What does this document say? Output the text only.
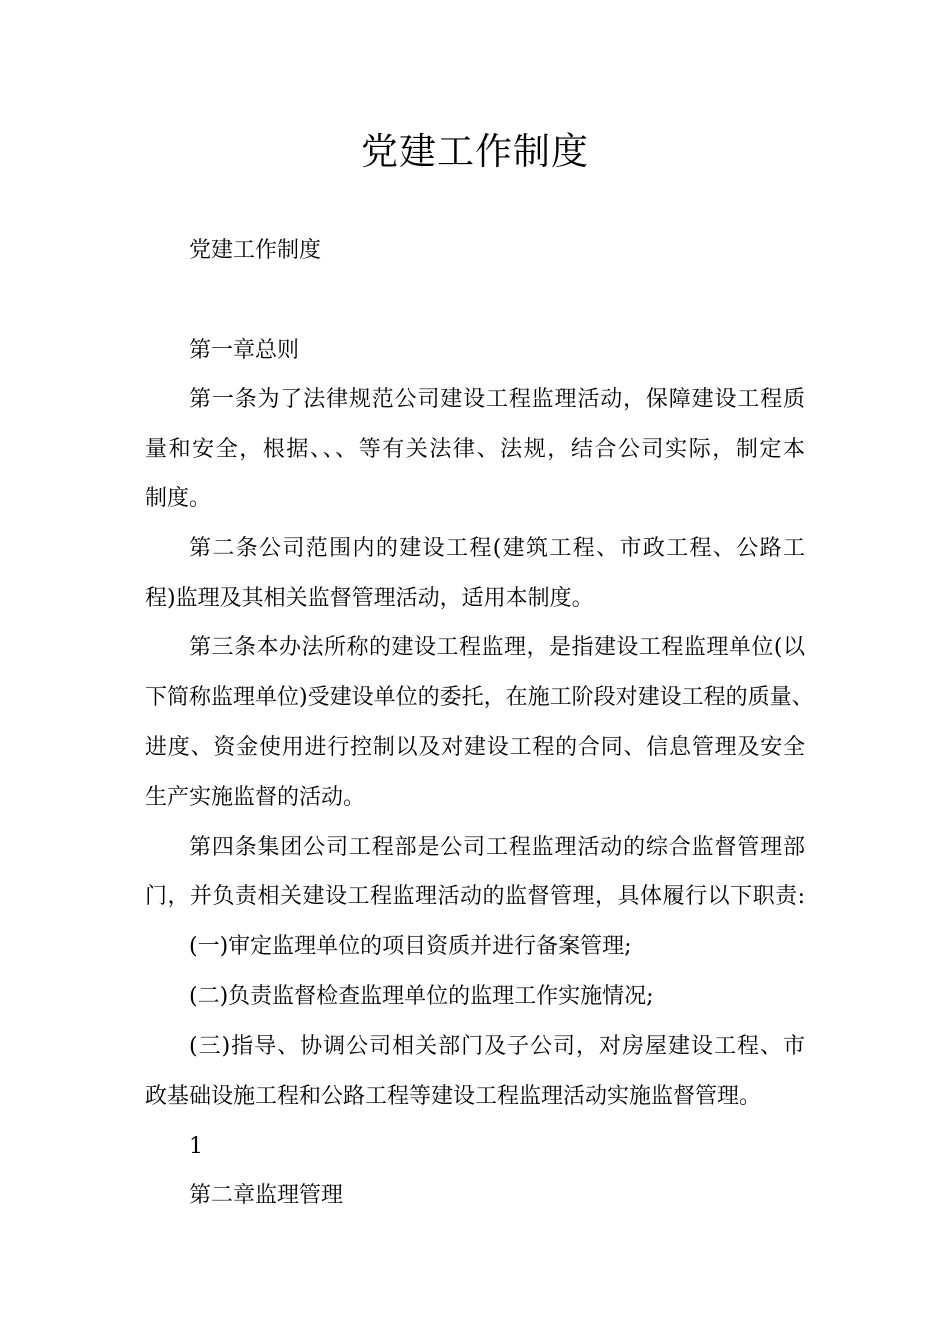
党建工作制度

党建工作制度

第一章总则

第一条为了法律规范公司建设工程监理活动，保障建设工程质

量和安全，根据、、、等有关法律、法规，结合公司实际，制定本

制度。

第二条公司范围内的建设工程(建筑工程、市政工程、公路工

程)监理及其相关监督管理活动，适用本制度。

第三条本办法所称的建设工程监理，是指建设工程监理单位(以

下简称监理单位)受建设单位的委托，在施工阶段对建设工程的质量、

进度、资金使用进行控制以及对建设工程的合同、信息管理及安全

生产实施监督的活动。

第四条集团公司工程部是公司工程监理活动的综合监督管理部

门，并负责相关建设工程监理活动的监督管理，具体履行以下职责:

(一)审定监理单位的项目资质并进行备案管理;

(二)负责监督检查监理单位的监理工作实施情况;

(三)指导、协调公司相关部门及子公司，对房屋建设工程、市

政基础设施工程和公路工程等建设工程监理活动实施监督管理。

1

第二章监理管理
